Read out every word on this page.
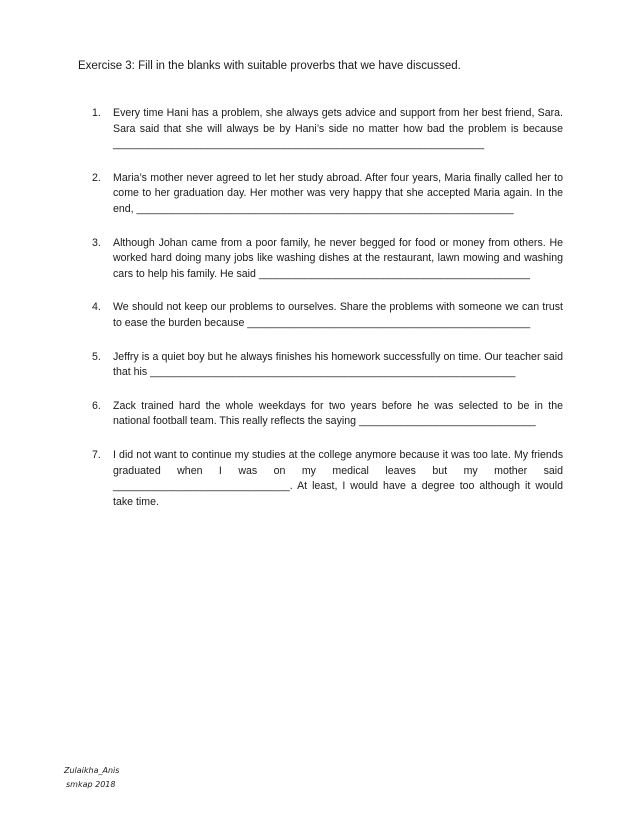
Exercise 3: Fill in the blanks with suitable proverbs that we have discussed.
1.	Every time Hani has a problem, she always gets advice and support from her best friend, Sara. Sara said that she will always be by Hani’s side no matter how bad the problem is because _______________________________________________________________
2.	Maria’s mother never agreed to let her study abroad. After four years, Maria finally called her to come to her graduation day. Her mother was very happy that she accepted Maria again. In the end, ________________________________________________________________
3.	Although Johan came from a poor family, he never begged for food or money from others. He worked hard doing many jobs like washing dishes at the restaurant, lawn mowing and washing cars to help his family. He said ______________________________________________
4.	We should not keep our problems to ourselves. Share the problems with someone we can trust to ease the burden because ________________________________________________
5.	Jeffry is a quiet boy but he always finishes his homework successfully on time. Our teacher said that his ______________________________________________________________
6.	Zack trained hard the whole weekdays for two years before he was selected to be in the national football team. This really reflects the saying ______________________________
7.	I did not want to continue my studies at the college anymore because it was too late. My friends graduated when I was on my medical leaves but my mother said ______________________________. At least, I would have a degree too although it would take time.
Zulaikha_Anis
smkap 2018
